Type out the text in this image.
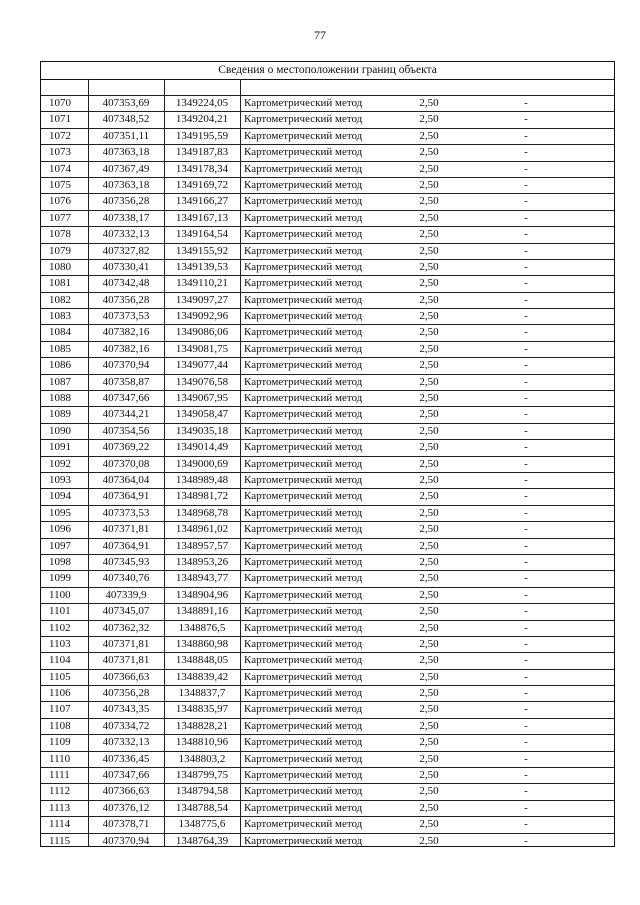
77
Сведения о местоположении границ объекта
1070	407353,69	1349224,05	Картометрический метод	2,50	-
1071	407348,52	1349204,21	Картометрический метод	2,50	-
1072	407351,11	1349195,59	Картометрический метод	2,50	-
1073	407363,18	1349187,83	Картометрический метод	2,50	-
1074	407367,49	1349178,34	Картометрический метод	2,50	-
1075	407363,18	1349169,72	Картометрический метод	2,50	-
1076	407356,28	1349166,27	Картометрический метод	2,50	-
1077	407338,17	1349167,13	Картометрический метод	2,50	-
1078	407332,13	1349164,54	Картометрический метод	2,50	-
1079	407327,82	1349155,92	Картометрический метод	2,50	-
1080	407330,41	1349139,53	Картометрический метод	2,50	-
1081	407342,48	1349110,21	Картометрический метод	2,50	-
1082	407356,28	1349097,27	Картометрический метод	2,50	-
1083	407373,53	1349092,96	Картометрический метод	2,50	-
1084	407382,16	1349086,06	Картометрический метод	2,50	-
1085	407382,16	1349081,75	Картометрический метод	2,50	-
1086	407370,94	1349077,44	Картометрический метод	2,50	-
1087	407358,87	1349076,58	Картометрический метод	2,50	-
1088	407347,66	1349067,95	Картометрический метод	2,50	-
1089	407344,21	1349058,47	Картометрический метод	2,50	-
1090	407354,56	1349035,18	Картометрический метод	2,50	-
1091	407369,22	1349014,49	Картометрический метод	2,50	-
1092	407370,08	1349000,69	Картометрический метод	2,50	-
1093	407364,04	1348989,48	Картометрический метод	2,50	-
1094	407364,91	1348981,72	Картометрический метод	2,50	-
1095	407373,53	1348968,78	Картометрический метод	2,50	-
1096	407371,81	1348961,02	Картометрический метод	2,50	-
1097	407364,91	1348957,57	Картометрический метод	2,50	-
1098	407345,93	1348953,26	Картометрический метод	2,50	-
1099	407340,76	1348943,77	Картометрический метод	2,50	-
1100	407339,9	1348904,96	Картометрический метод	2,50	-
1101	407345,07	1348891,16	Картометрический метод	2,50	-
1102	407362,32	1348876,5	Картометрический метод	2,50	-
1103	407371,81	1348860,98	Картометрический метод	2,50	-
1104	407371,81	1348848,05	Картометрический метод	2,50	-
1105	407366,63	1348839,42	Картометрический метод	2,50	-
1106	407356,28	1348837,7	Картометрический метод	2,50	-
1107	407343,35	1348835,97	Картометрический метод	2,50	-
1108	407334,72	1348828,21	Картометрический метод	2,50	-
1109	407332,13	1348810,96	Картометрический метод	2,50	-
1110	407336,45	1348803,2	Картометрический метод	2,50	-
1111	407347,66	1348799,75	Картометрический метод	2,50	-
1112	407366,63	1348794,58	Картометрический метод	2,50	-
1113	407376,12	1348788,54	Картометрический метод	2,50	-
1114	407378,71	1348775,6	Картометрический метод	2,50	-
1115	407370,94	1348764,39	Картометрический метод	2,50	-
